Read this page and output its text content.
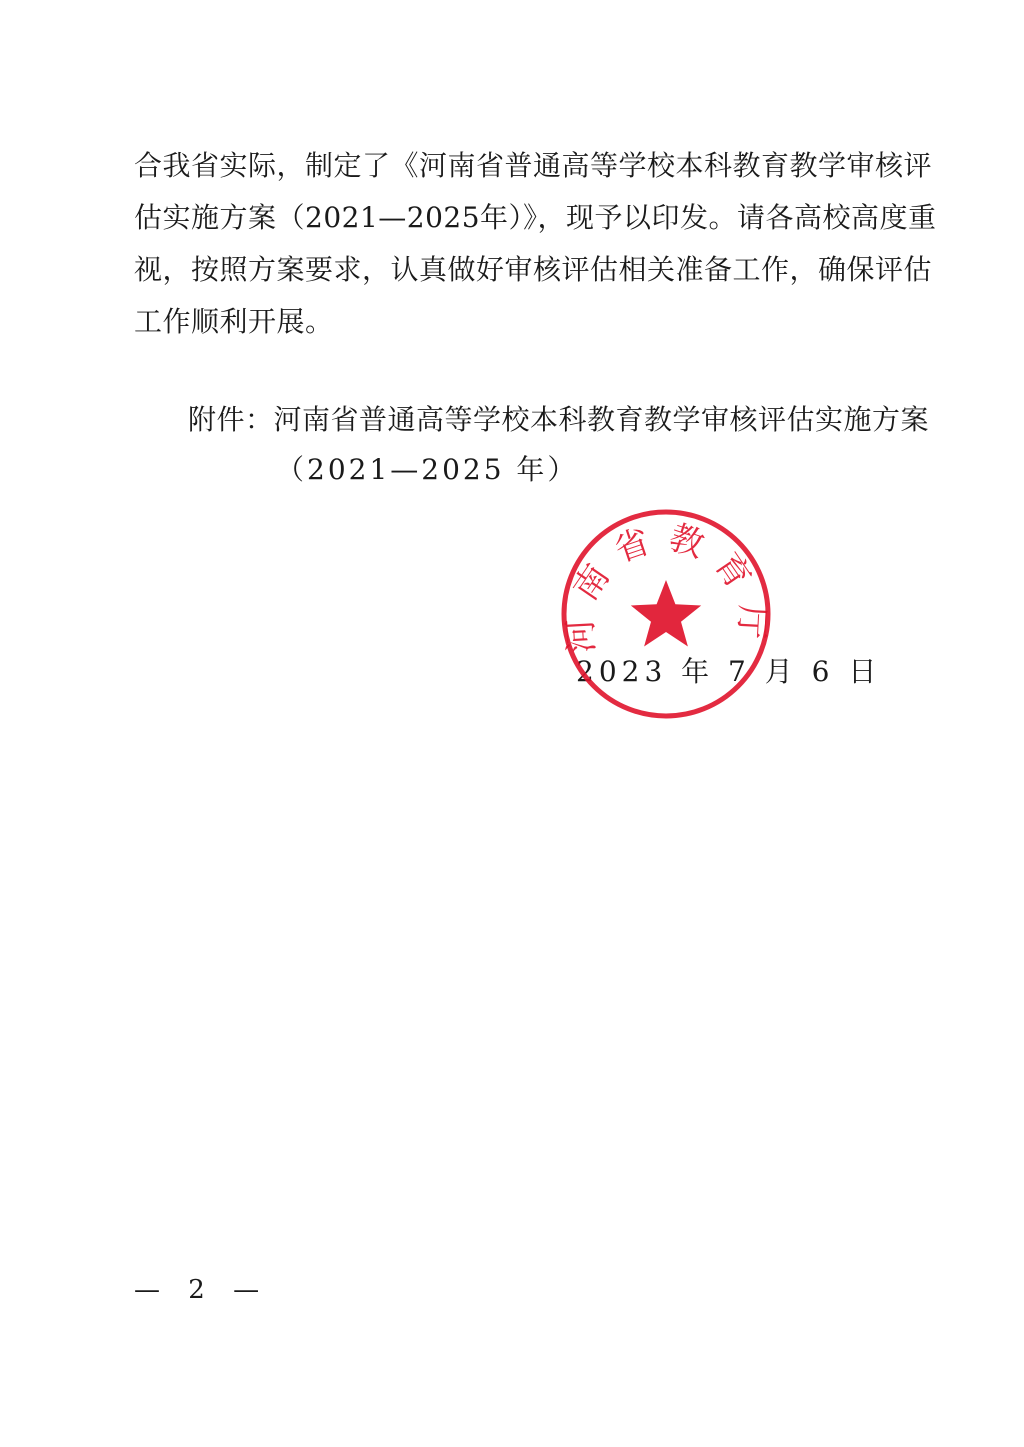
合我省实际，制定了《河南省普通高等学校本科教育教学审核评
估实施方案（2021—2025年）》，现予以印发。请各高校高度重
视，按照方案要求，认真做好审核评估相关准备工作，确保评估
工作顺利开展。
附件：河南省普通高等学校本科教育教学审核评估实施方案
（2021—2025 年）
2023 年 7 月 6 日
河南省教育厅
— 2 —
